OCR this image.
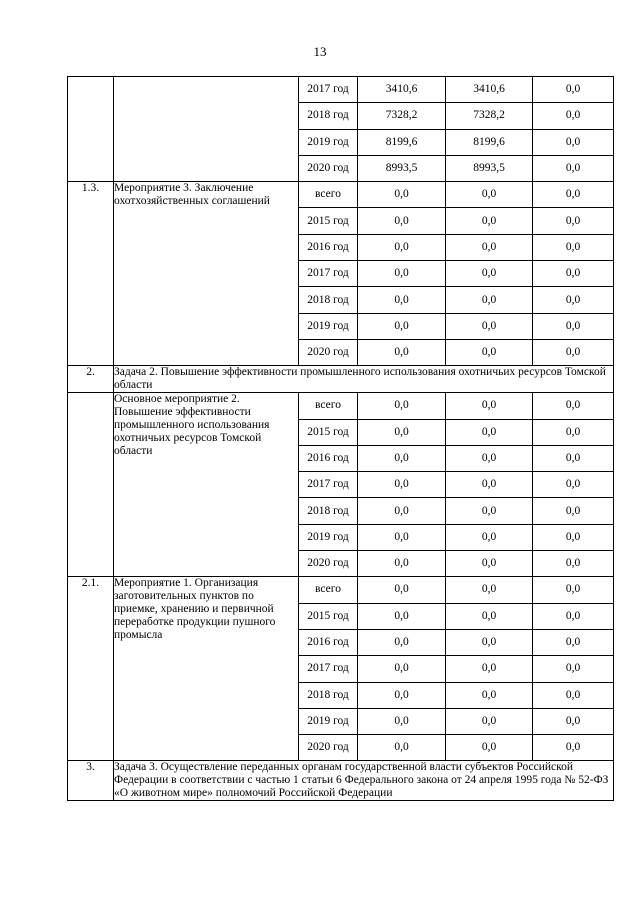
13
		2017 год	3410,6	3410,6	0,0
		2018 год	7328,2	7328,2	0,0
		2019 год	8199,6	8199,6	0,0
		2020 год	8993,5	8993,5	0,0
1.3.	Мероприятие 3. Заключение охотхозяйственных соглашений	всего	0,0	0,0	0,0
		2015 год	0,0	0,0	0,0
		2016 год	0,0	0,0	0,0
		2017 год	0,0	0,0	0,0
		2018 год	0,0	0,0	0,0
		2019 год	0,0	0,0	0,0
		2020 год	0,0	0,0	0,0
2.	Задача 2. Повышение эффективности промышленного использования охотничьих ресурсов Томской области				
	Основное мероприятие 2. Повышение эффективности промышленного использования охотничьих ресурсов Томской области	всего	0,0	0,0	0,0
		2015 год	0,0	0,0	0,0
		2016 год	0,0	0,0	0,0
		2017 год	0,0	0,0	0,0
		2018 год	0,0	0,0	0,0
		2019 год	0,0	0,0	0,0
		2020 год	0,0	0,0	0,0
2.1.	Мероприятие 1. Организация заготовительных пунктов по приемке, хранению и первичной переработке продукции пушного промысла	всего	0,0	0,0	0,0
		2015 год	0,0	0,0	0,0
		2016 год	0,0	0,0	0,0
		2017 год	0,0	0,0	0,0
		2018 год	0,0	0,0	0,0
		2019 год	0,0	0,0	0,0
		2020 год	0,0	0,0	0,0
3.	Задача 3. Осуществление переданных органам государственной власти субъектов Российской Федерации в соответствии с частью 1 статьи 6 Федерального закона от 24 апреля 1995 года № 52-ФЗ «О животном мире» полномочий Российской Федерации				
